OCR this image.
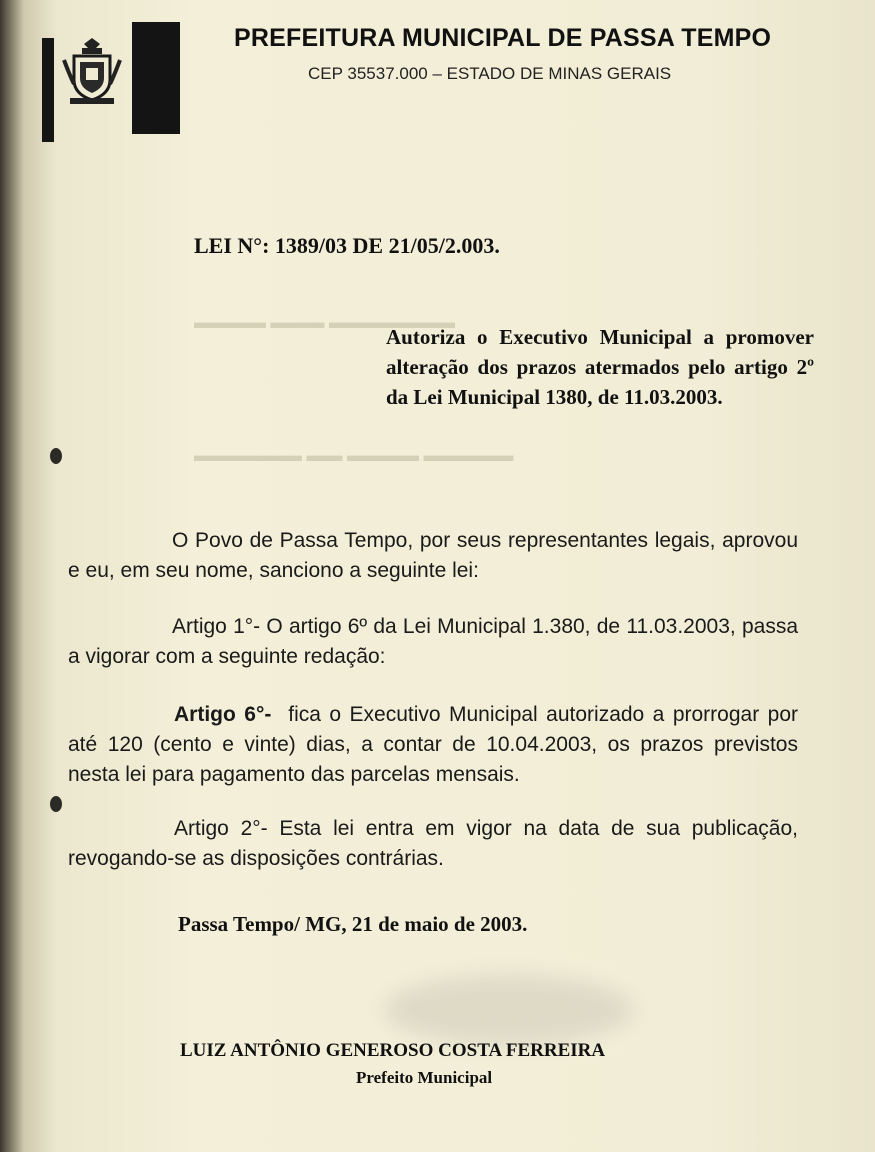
▬▬▬▬ ▬▬▬ ▬▬▬▬▬▬▬
▬▬▬▬▬▬ ▬▬ ▬▬▬▬ ▬▬▬▬▬
PREFEITURA MUNICIPAL DE PASSA TEMPO
CEP 35537.000 – ESTADO DE MINAS GERAIS
LEI N°: 1389/03 DE 21/05/2.003.
Autoriza o Executivo Municipal a promover alteração dos prazos atermados pelo artigo 2º da Lei Municipal 1380, de 11.03.2003.
O Povo de Passa Tempo, por seus representantes legais, aprovou e eu, em seu nome, sanciono a seguinte lei:
Artigo 1°- O artigo 6º da Lei Municipal 1.380, de 11.03.2003, passa a vigorar com a seguinte redação:
Artigo 6°- fica o Executivo Municipal autorizado a prorrogar por até 120 (cento e vinte) dias, a contar de 10.04.2003, os prazos previstos nesta lei para pagamento das parcelas mensais.
Artigo 2°- Esta lei entra em vigor na data de sua publicação, revogando-se as disposições contrárias.
Passa Tempo/ MG, 21 de maio de 2003.
LUIZ ANTÔNIO GENEROSO COSTA FERREIRA
Prefeito Municipal
